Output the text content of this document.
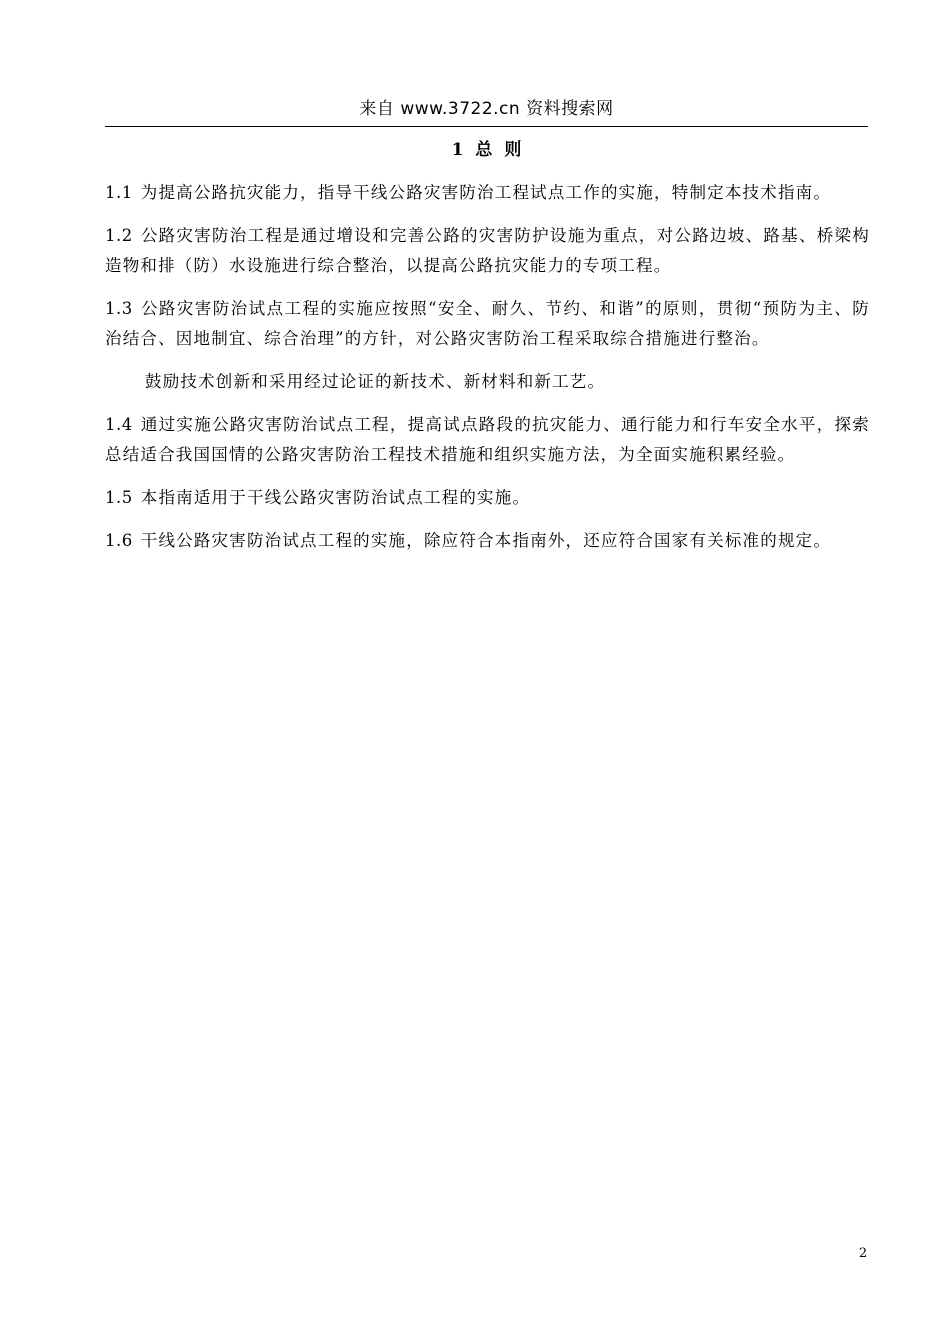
来自 www.3722.cn 资料搜索网
1 总 则

1.1 为提高公路抗灾能力，指导干线公路灾害防治工程试点工作的实施，特制定本技术指南。

1.2 公路灾害防治工程是通过增设和完善公路的灾害防护设施为重点，对公路边坡、路基、桥梁构造物和排（防）水设施进行综合整治，以提高公路抗灾能力的专项工程。

1.3 公路灾害防治试点工程的实施应按照“安全、耐久、节约、和谐”的原则，贯彻“预防为主、防治结合、因地制宜、综合治理”的方针，对公路灾害防治工程采取综合措施进行整治。

鼓励技术创新和采用经过论证的新技术、新材料和新工艺。

1.4 通过实施公路灾害防治试点工程，提高试点路段的抗灾能力、通行能力和行车安全水平，探索总结适合我国国情的公路灾害防治工程技术措施和组织实施方法，为全面实施积累经验。

1.5 本指南适用于干线公路灾害防治试点工程的实施。

1.6 干线公路灾害防治试点工程的实施，除应符合本指南外，还应符合国家有关标准的规定。

2
